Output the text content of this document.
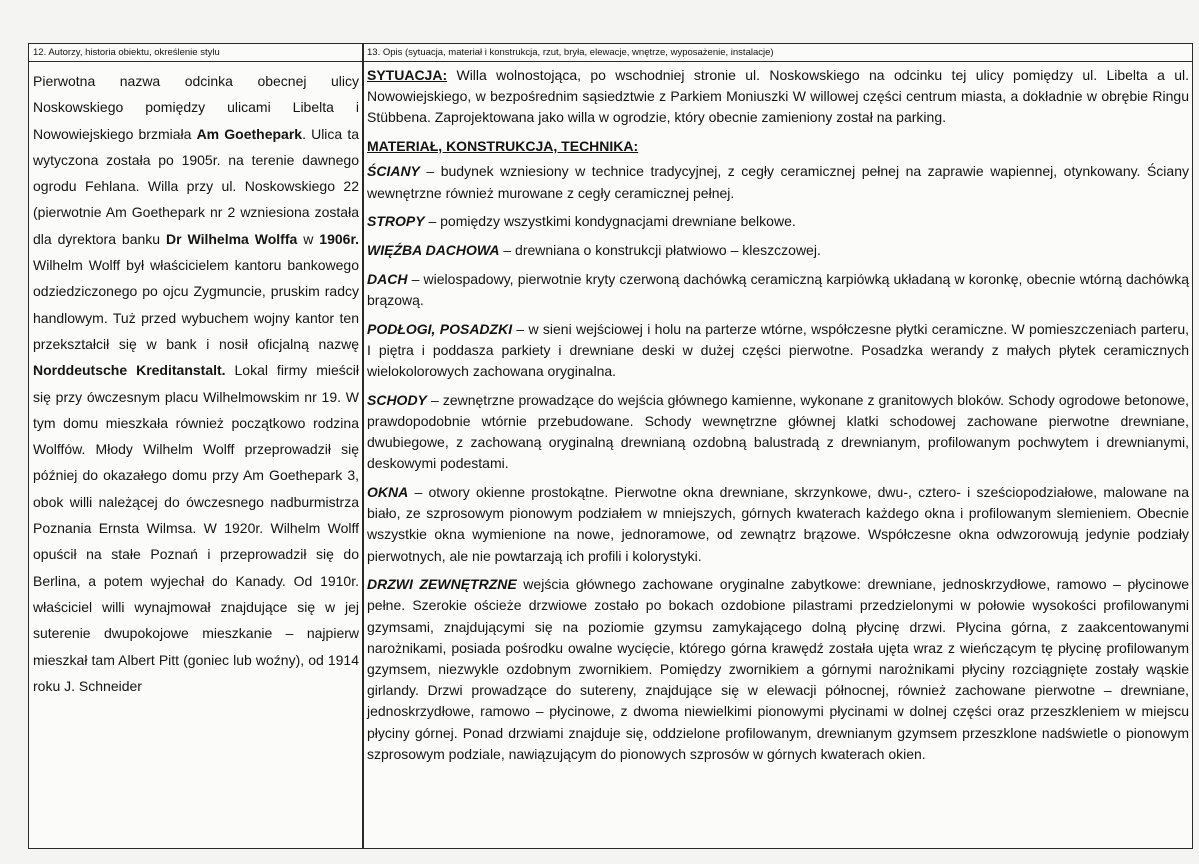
12. Autorzy, historia obiektu, określenie stylu	13. Opis (sytuacja, materiał i konstrukcja, rzut, bryła, elewacje, wnętrze, wyposażenie, instalacje)

Pierwotna nazwa odcinka obecnej ulicy Noskowskiego pomiędzy ulicami Libelta i Nowowiejskiego brzmiała Am Goethepark. Ulica ta wytyczona została po 1905r. na terenie dawnego ogrodu Fehlana. Willa przy ul. Noskowskiego 22 (pierwotnie Am Goethepark nr 2 wzniesiona została dla dyrektora banku Dr Wilhelma Wolffa w 1906r. Wilhelm Wolff był właścicielem kantoru bankowego odziedziczonego po ojcu Zygmuncie, pruskim radcy handlowym. Tuż przed wybuchem wojny kantor ten przekształcił się w bank i nosił oficjalną nazwę Norddeutsche Kreditanstalt. Lokal firmy mieścił się przy ówczesnym placu Wilhelmowskim nr 19. W tym domu mieszkała również początkowo rodzina Wolffów. Młody Wilhelm Wolff przeprowadził się później do okazałego domu przy Am Goethepark 3, obok willi należącej do ówczesnego nadburmistrza Poznania Ernsta Wilmsa. W 1920r. Wilhelm Wolff opuścił na stałe Poznań i przeprowadził się do Berlina, a potem wyjechał do Kanady. Od 1910r. właściciel willi wynajmował znajdujące się w jej suterenie dwupokojowe mieszkanie – najpierw mieszkał tam Albert Pitt (goniec lub woźny), od 1914 roku J. Schneider

SYTUACJA: Willa wolnostojąca, po wschodniej stronie ul. Noskowskiego na odcinku tej ulicy pomiędzy ul. Libelta a ul. Nowowiejskiego, w bezpośrednim sąsiedztwie z Parkiem Moniuszki W willowej części centrum miasta, a dokładnie w obrębie Ringu Stübbena. Zaprojektowana jako willa w ogrodzie, który obecnie zamieniony został na parking.

MATERIAŁ, KONSTRUKCJA, TECHNIKA:

ŚCIANY – budynek wzniesiony w technice tradycyjnej, z cegły ceramicznej pełnej na zaprawie wapiennej, otynkowany. Ściany wewnętrzne również murowane z cegły ceramicznej pełnej.

STROPY – pomiędzy wszystkimi kondygnacjami drewniane belkowe.

WIĘŹBA DACHOWA – drewniana o konstrukcji płatwiowo – kleszczowej.

DACH – wielospadowy, pierwotnie kryty czerwoną dachówką ceramiczną karpiówką układaną w koronkę, obecnie wtórną dachówką brązową.

PODŁOGI, POSADZKI – w sieni wejściowej i holu na parterze wtórne, współczesne płytki ceramiczne. W pomieszczeniach parteru, I piętra i poddasza parkiety i drewniane deski w dużej części pierwotne. Posadzka werandy z małych płytek ceramicznych wielokolorowych zachowana oryginalna.

SCHODY – zewnętrzne prowadzące do wejścia głównego kamienne, wykonane z granitowych bloków. Schody ogrodowe betonowe, prawdopodobnie wtórnie przebudowane. Schody wewnętrzne głównej klatki schodowej zachowane pierwotne drewniane, dwubiegowe, z zachowaną oryginalną drewnianą ozdobną balustradą z drewnianym, profilowanym pochwytem i drewnianymi, deskowymi podestami.

OKNA – otwory okienne prostokątne. Pierwotne okna drewniane, skrzynkowe, dwu-, cztero- i sześciopodziałowe, malowane na biało, ze szprosowym pionowym podziałem w mniejszych, górnych kwaterach każdego okna i profilowanym slemieniem. Obecnie wszystkie okna wymienione na nowe, jednoramowe, od zewnątrz brązowe. Współczesne okna odwzorowują jedynie podziały pierwotnych, ale nie powtarzają ich profili i kolorystyki.

DRZWI ZEWNĘTRZNE wejścia głównego zachowane oryginalne zabytkowe: drewniane, jednoskrzydłowe, ramowo – płycinowe pełne. Szerokie ościeże drzwiowe zostało po bokach ozdobione pilastrami przedzielonymi w połowie wysokości profilowanymi gzymsami, znajdującymi się na poziomie gzymsu zamykającego dolną płycinę drzwi. Płycina górna, z zaakcentowanymi narożnikami, posiada pośrodku owalne wycięcie, którego górna krawędź została ujęta wraz z wieńczącym tę płycinę profilowanym gzymsem, niezwykle ozdobnym zwornikiem. Pomiędzy zwornikiem a górnymi narożnikami płyciny rozciągnięte zostały wąskie girlandy. Drzwi prowadzące do sutereny, znajdujące się w elewacji północnej, również zachowane pierwotne – drewniane, jednoskrzydłowe, ramowo – płycinowe, z dwoma niewielkimi pionowymi płycinami w dolnej części oraz przeszkleniem w miejscu płyciny górnej. Ponad drzwiami znajduje się, oddzielone profilowanym, drewnianym gzymsem przeszklone nadświetle o pionowym szprosowym podziale, nawiązującym do pionowych szprosów w górnych kwaterach okien.
